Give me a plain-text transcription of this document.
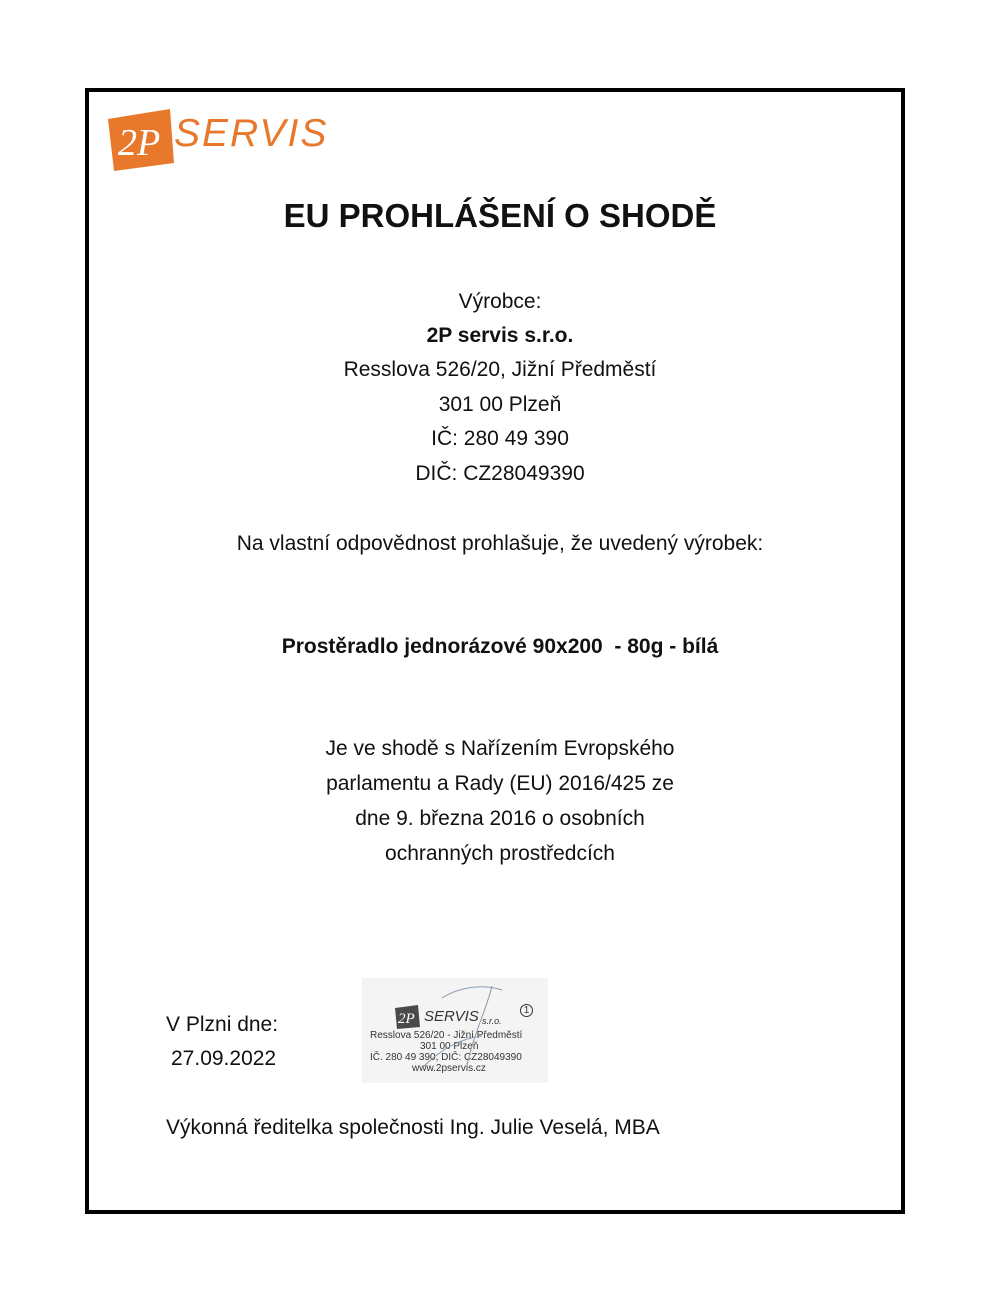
2P SERVIS
EU PROHLÁŠENÍ O SHODĚ
Výrobce:
2P servis s.r.o.
Resslova 526/20, Jižní Předměstí
301 00 Plzeň
IČ: 280 49 390
DIČ: CZ28049390
Na vlastní odpovědnost prohlašuje, že uvedený výrobek:
Prostěradlo jednorázové 90x200  - 80g - bílá
Je ve shodě s Nařízením Evropského
parlamentu a Rady (EU) 2016/425 ze
dne 9. března 2016 o osobních
ochranných prostředcích
V Plzni dne:
27.09.2022
2P SERVIS s.r.o.
1
Resslova 526/20 - Jižní Předměstí
301 00 Plzeň
IČ. 280 49 390, DIČ: CZ28049390
www.2pservis.cz
Výkonná ředitelka společnosti Ing. Julie Veselá, MBA
